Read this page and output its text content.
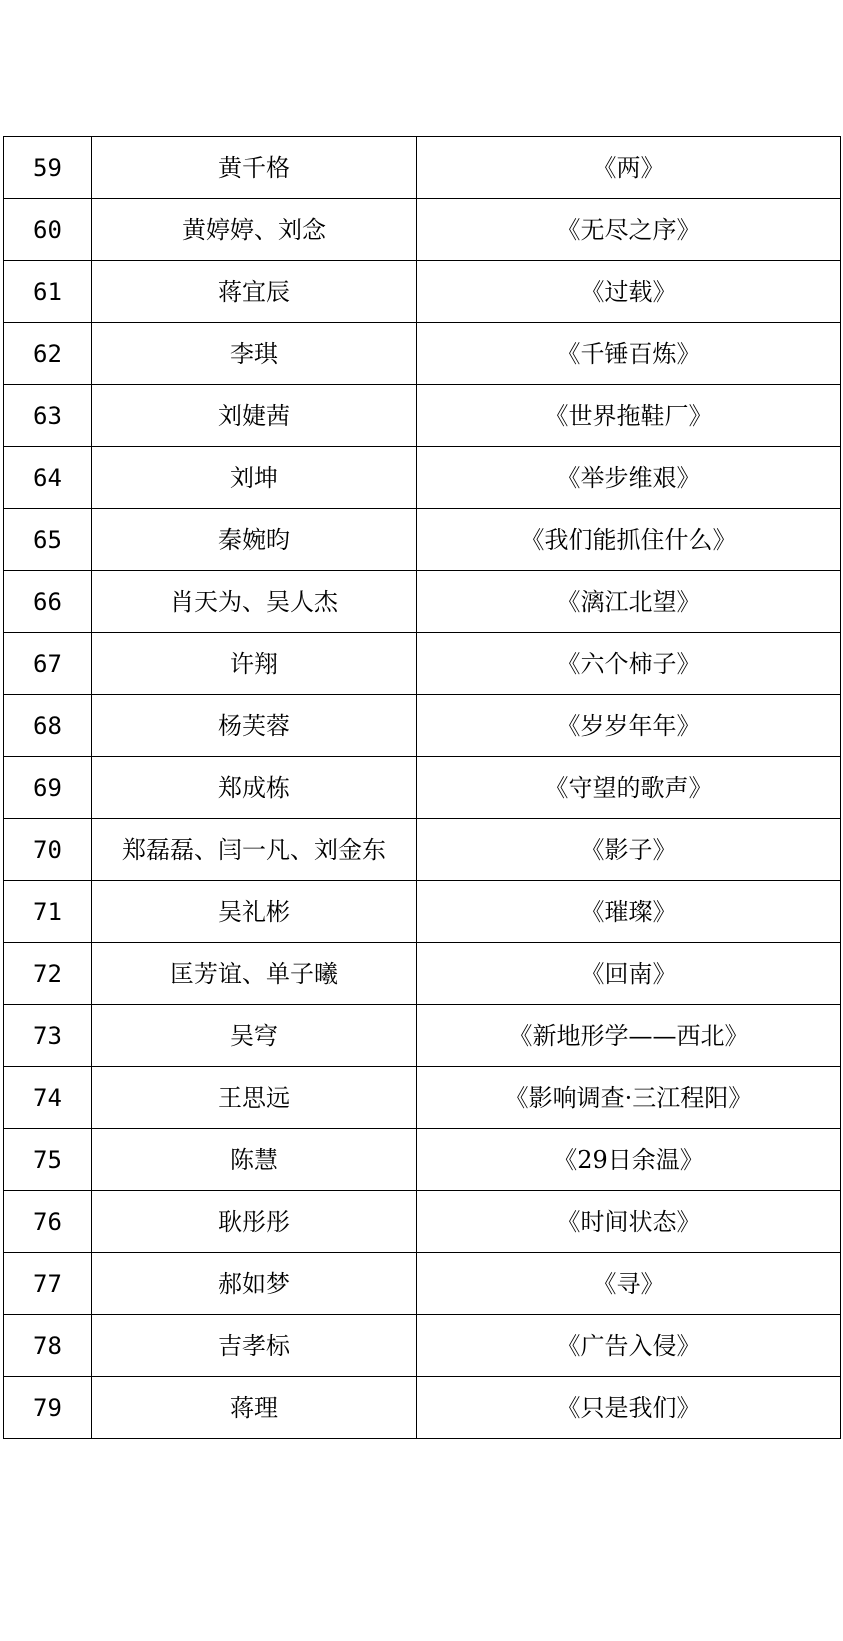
59	黄千格	《两》
60	黄婷婷、刘念	《无尽之序》
61	蒋宜辰	《过载》
62	李琪	《千锤百炼》
63	刘婕茜	《世界拖鞋厂》
64	刘坤	《举步维艰》
65	秦婉昀	《我们能抓住什么》
66	肖天为、吴人杰	《漓江北望》
67	许翔	《六个柿子》
68	杨芙蓉	《岁岁年年》
69	郑成栋	《守望的歌声》
70	郑磊磊、闫一凡、刘金东	《影子》
71	吴礼彬	《璀璨》
72	匡芳谊、单子曦	《回南》
73	吴穹	《新地形学——西北》
74	王思远	《影响调查·三江程阳》
75	陈慧	《29日余温》
76	耿彤彤	《时间状态》
77	郝如梦	《寻》
78	吉孝标	《广告入侵》
79	蒋理	《只是我们》
